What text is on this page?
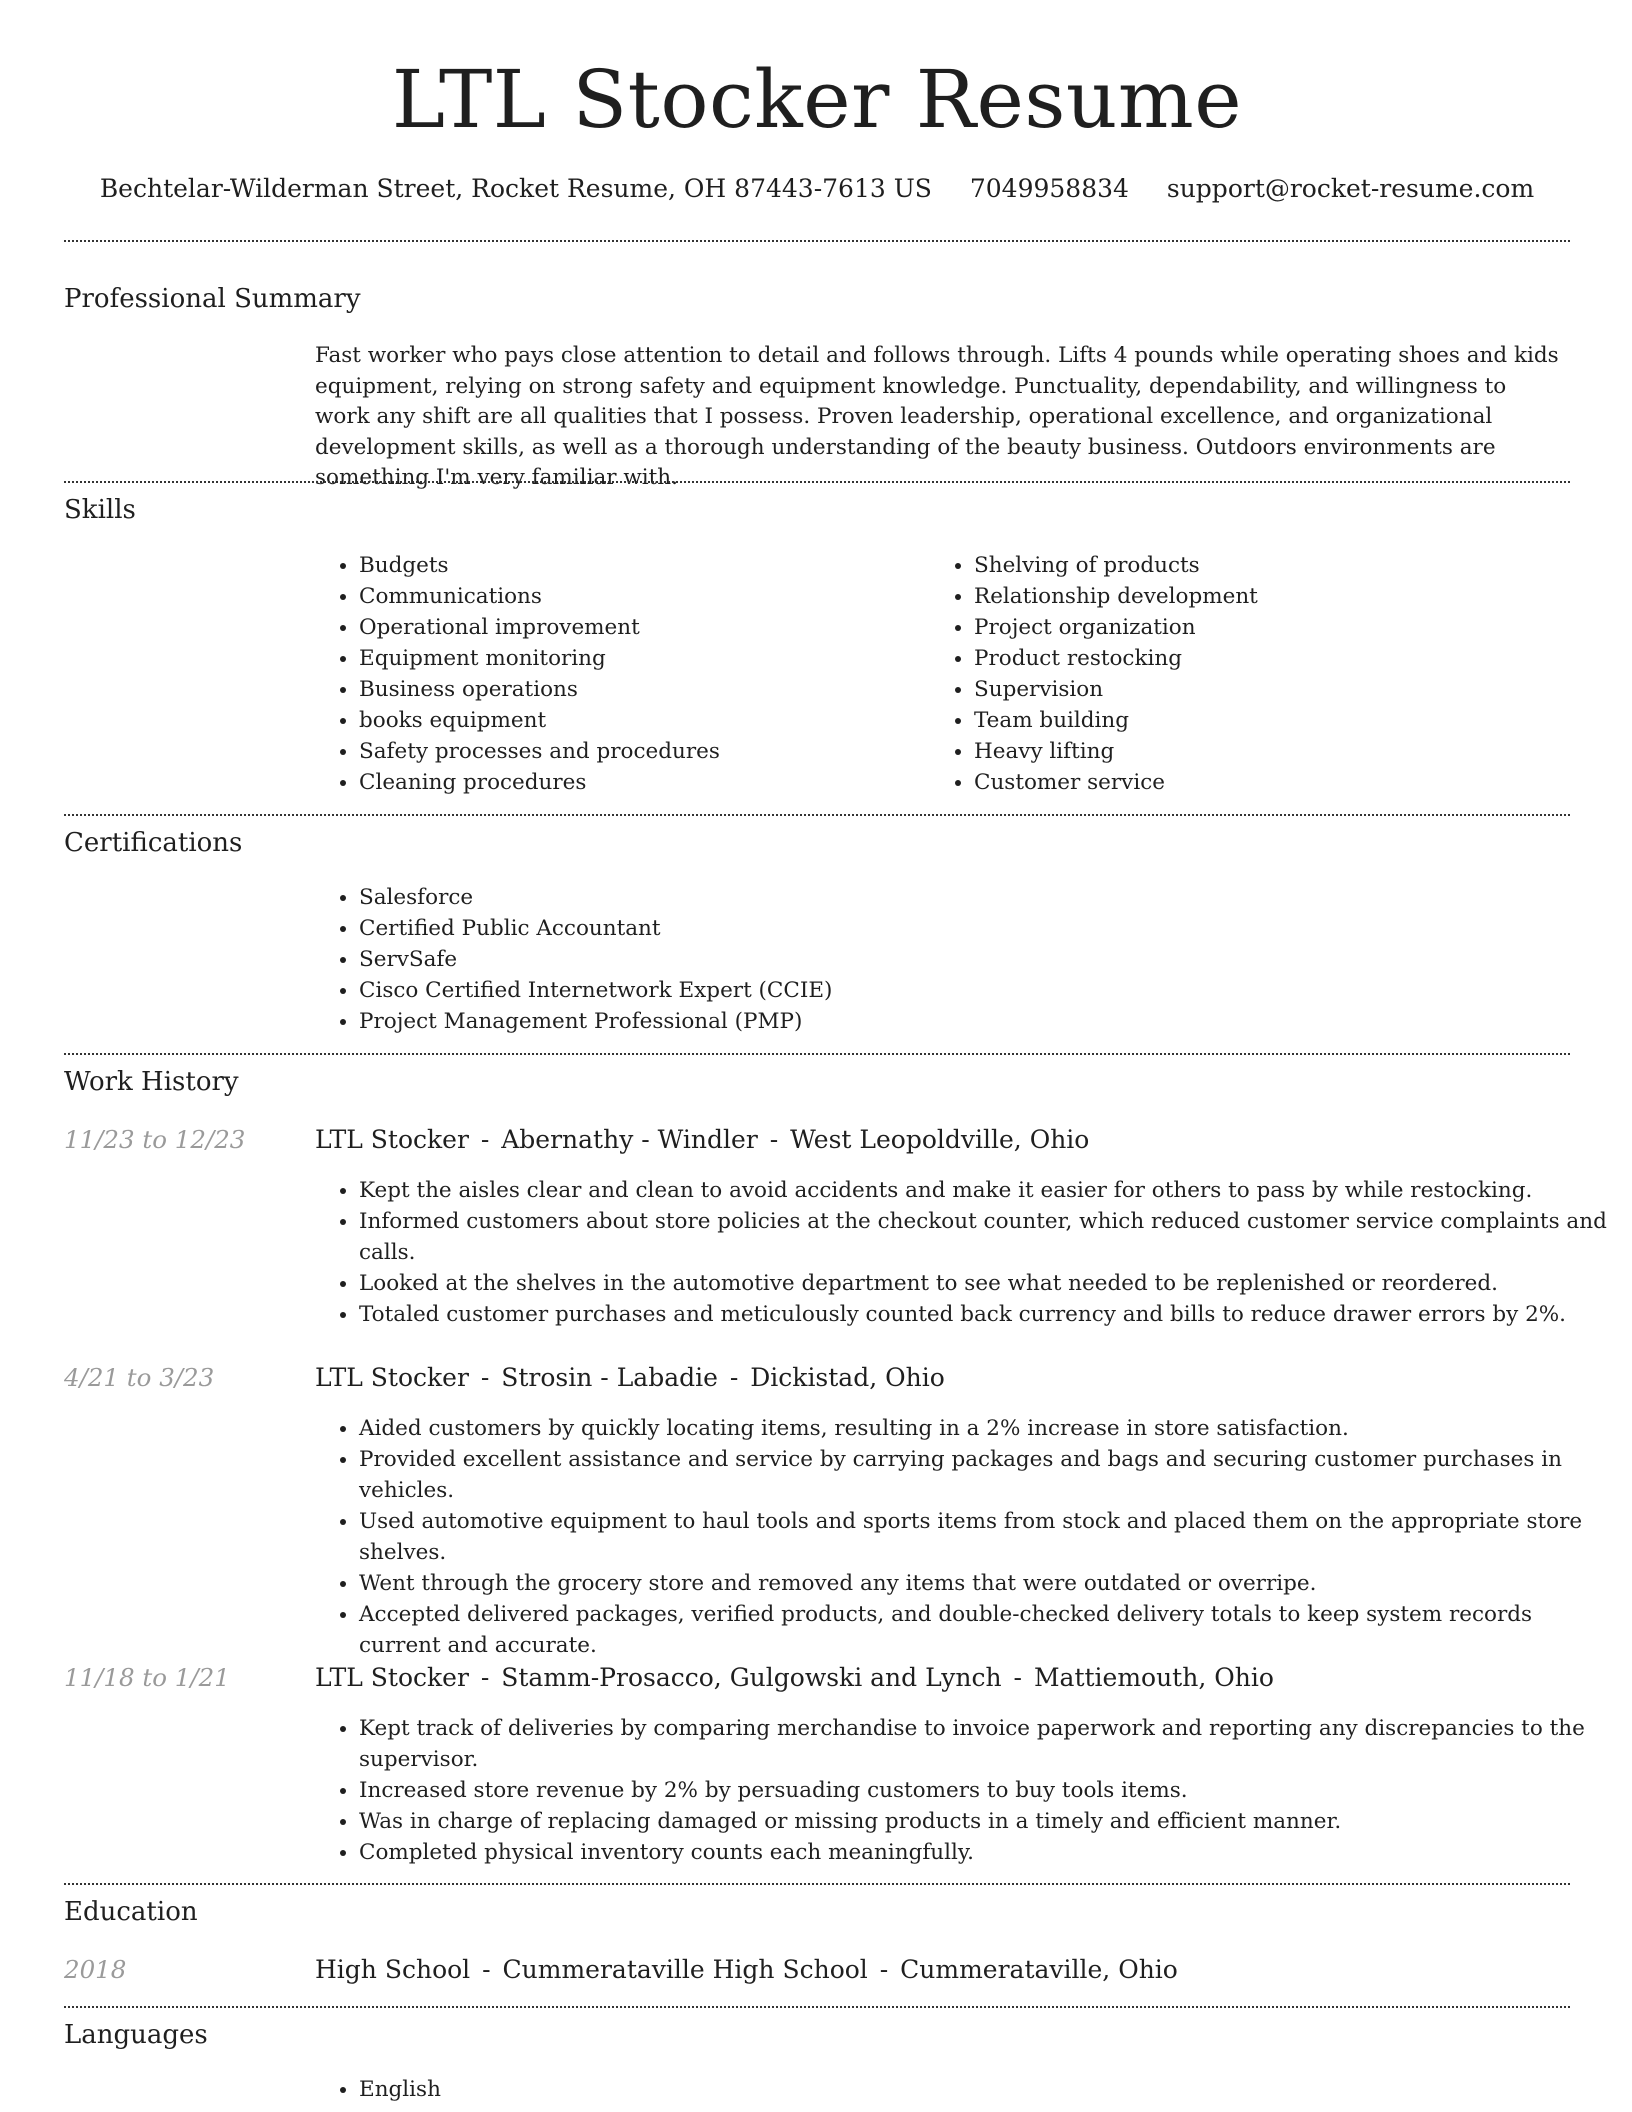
LTL Stocker Resume
Bechtelar-Wilderman Street, Rocket Resume, OH 87443-7613 US 7049958834 support@rocket-resume.com
Professional Summary

Fast worker who pays close attention to detail and follows through. Lifts 4 pounds while operating shoes and kids equipment, relying on strong safety and equipment knowledge. Punctuality, dependability, and willingness to work any shift are all qualities that I possess. Proven leadership, operational excellence, and organizational development skills, as well as a thorough understanding of the beauty business. Outdoors environments are something I'm very familiar with.

Skills
• Budgets
• Communications
• Operational improvement
• Equipment monitoring
• Business operations
• books equipment
• Safety processes and procedures
• Cleaning procedures
• Shelving of products
• Relationship development
• Project organization
• Product restocking
• Supervision
• Team building
• Heavy lifting
• Customer service
Certifications
• Salesforce
• Certified Public Accountant
• ServSafe
• Cisco Certified Internetwork Expert (CCIE)
• Project Management Professional (PMP)
Work History
11/23 to 12/23	LTL Stocker - Abernathy - Windler - West Leopoldville, Ohio
• Kept the aisles clear and clean to avoid accidents and make it easier for others to pass by while restocking.
• Informed customers about store policies at the checkout counter, which reduced customer service complaints and calls.
• Looked at the shelves in the automotive department to see what needed to be replenished or reordered.
• Totaled customer purchases and meticulously counted back currency and bills to reduce drawer errors by 2%.
4/21 to 3/23	LTL Stocker - Strosin - Labadie - Dickistad, Ohio
• Aided customers by quickly locating items, resulting in a 2% increase in store satisfaction.
• Provided excellent assistance and service by carrying packages and bags and securing customer purchases in vehicles.
• Used automotive equipment to haul tools and sports items from stock and placed them on the appropriate store shelves.
• Went through the grocery store and removed any items that were outdated or overripe.
• Accepted delivered packages, verified products, and double-checked delivery totals to keep system records current and accurate.
11/18 to 1/21	LTL Stocker - Stamm-Prosacco, Gulgowski and Lynch - Mattiemouth, Ohio
• Kept track of deliveries by comparing merchandise to invoice paperwork and reporting any discrepancies to the supervisor.
• Increased store revenue by 2% by persuading customers to buy tools items.
• Was in charge of replacing damaged or missing products in a timely and efficient manner.
• Completed physical inventory counts each meaningfully.
Education
2018	High School - Cummerataville High School - Cummerataville, Ohio
Languages
• English
